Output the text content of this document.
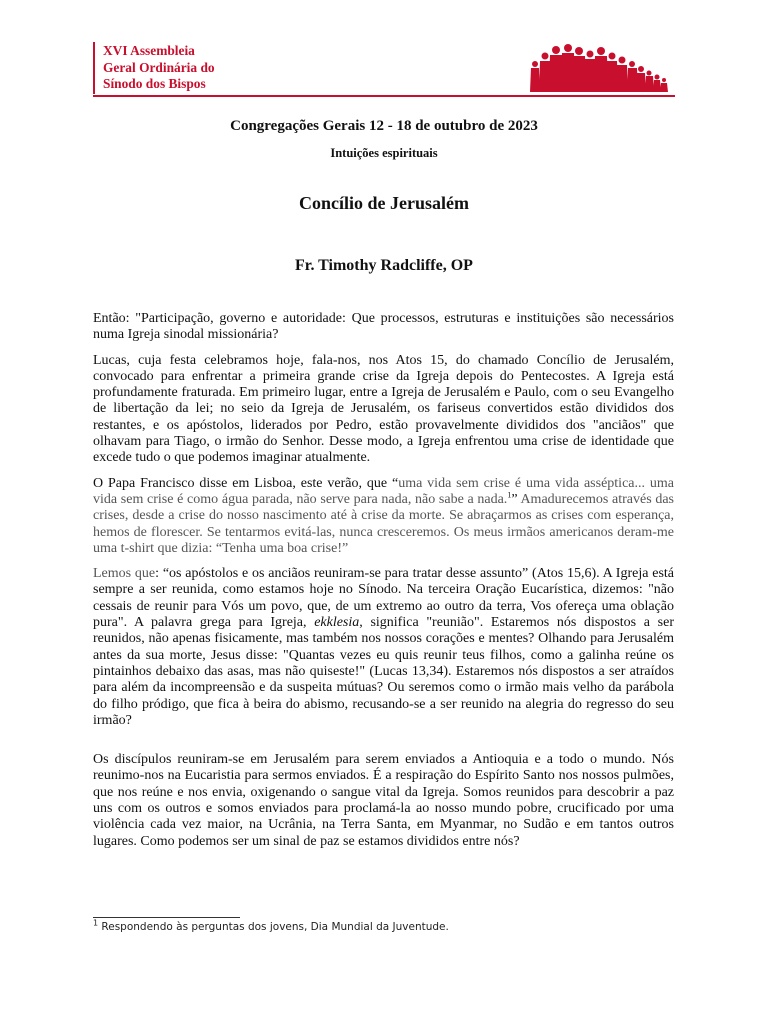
XVI Assembleia
Geral Ordinária do
Sínodo dos Bispos
Congregações Gerais 12 - 18 de outubro de 2023
Intuições espirituais
Concílio de Jerusalém
Fr. Timothy Radcliffe, OP

Então: "Participação, governo e autoridade: Que processos, estruturas e instituições são necessários numa Igreja sinodal missionária?

Lucas, cuja festa celebramos hoje, fala-nos, nos Atos 15, do chamado Concílio de Jerusalém, convocado para enfrentar a primeira grande crise da Igreja depois do Pentecostes. A Igreja está profundamente fraturada. Em primeiro lugar, entre a Igreja de Jerusalém e Paulo, com o seu Evangelho de libertação da lei; no seio da Igreja de Jerusalém, os fariseus convertidos estão divididos dos restantes, e os apóstolos, liderados por Pedro, estão provavelmente divididos dos "anciãos" que olhavam para Tiago, o irmão do Senhor. Desse modo, a Igreja enfrentou uma crise de identidade que excede tudo o que podemos imaginar atualmente.

O Papa Francisco disse em Lisboa, este verão, que “uma vida sem crise é uma vida asséptica... uma vida sem crise é como água parada, não serve para nada, não sabe a nada.$^1$” Amadurecemos através das crises, desde a crise do nosso nascimento até à crise da morte. Se abraçarmos as crises com esperança, hemos de florescer. Se tentarmos evitá-las, nunca cresceremos. Os meus irmãos americanos deram-me uma t-shirt que dizia: “Tenha uma boa crise!”

Lemos que: “os apóstolos e os anciãos reuniram-se para tratar desse assunto” (Atos 15,6). A Igreja está sempre a ser reunida, como estamos hoje no Sínodo. Na terceira Oração Eucarística, dizemos: "não cessais de reunir para Vós um povo, que, de um extremo ao outro da terra, Vos ofereça uma oblação pura". A palavra grega para Igreja, ekklesia, significa "reunião". Estaremos nós dispostos a ser reunidos, não apenas fisicamente, mas também nos nossos corações e mentes? Olhando para Jerusalém antes da sua morte, Jesus disse: "Quantas vezes eu quis reunir teus filhos, como a galinha reúne os pintainhos debaixo das asas, mas não quiseste!" (Lucas 13,34). Estaremos nós dispostos a ser atraídos para além da incompreensão e da suspeita mútuas? Ou seremos como o irmão mais velho da parábola do filho pródigo, que fica à beira do abismo, recusando-se a ser reunido na alegria do regresso do seu irmão?

Os discípulos reuniram-se em Jerusalém para serem enviados a Antioquia e a todo o mundo. Nós reunimo-nos na Eucaristia para sermos enviados. É a respiração do Espírito Santo nos nossos pulmões, que nos reúne e nos envia, oxigenando o sangue vital da Igreja. Somos reunidos para descobrir a paz uns com os outros e somos enviados para proclamá-la ao nosso mundo pobre, crucificado por uma violência cada vez maior, na Ucrânia, na Terra Santa, em Myanmar, no Sudão e em tantos outros lugares. Como podemos ser um sinal de paz se estamos divididos entre nós?

$^1$ Respondendo às perguntas dos jovens, Dia Mundial da Juventude.
